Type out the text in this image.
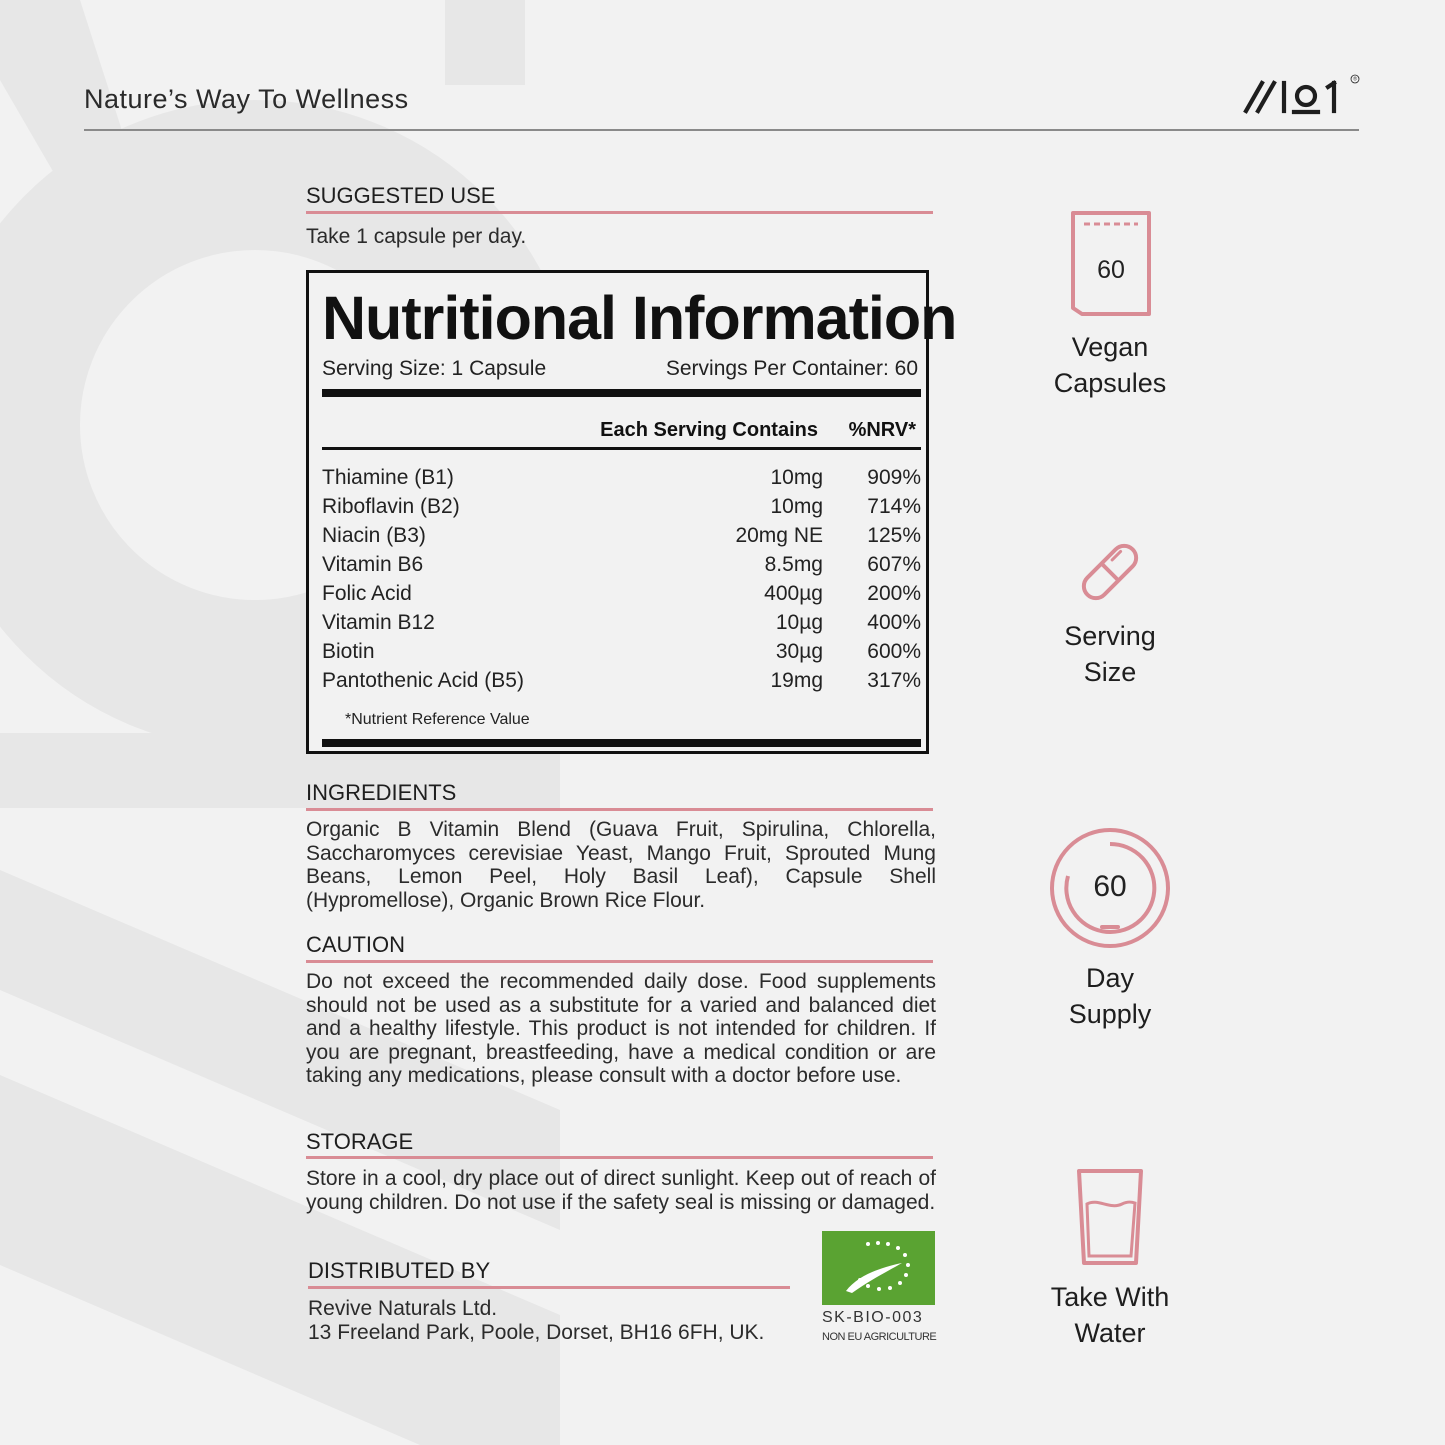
Nature’s Way To Wellness
®
SUGGESTED USE
Take 1 capsule per day.
Nutritional Information
Serving Size: 1 Capsule	Servings Per Container: 60
Each Serving Contains %NRV*
Thiamine (B1)	10mg 909%
Riboflavin (B2)	10mg 714%
Niacin (B3)	20mg NE 125%
Vitamin B6	8.5mg 607%
Folic Acid	400µg 200%
Vitamin B12	10µg 400%
Biotin	30µg 600%
Pantothenic Acid (B5)	19mg 317%
*Nutrient Reference Value
INGREDIENTS
Organic B Vitamin Blend (Guava Fruit, Spirulina, Chlorella, Saccharomyces cerevisiae Yeast, Mango Fruit, Sprouted Mung Beans, Lemon Peel, Holy Basil Leaf), Capsule Shell (Hypromellose), Organic Brown Rice Flour.
CAUTION
Do not exceed the recommended daily dose. Food supplements should not be used as a substitute for a varied and balanced diet and a healthy lifestyle. This product is not intended for children. If you are pregnant, breastfeeding, have a medical condition or are taking any medications, please consult with a doctor before use.
STORAGE
Store in a cool, dry place out of direct sunlight. Keep out of reach of young children. Do not use if the safety seal is missing or damaged.
DISTRIBUTED BY
Revive Naturals Ltd.
13 Freeland Park, Poole, Dorset, BH16 6FH, UK.
SK-BIO-003
NON EU AGRICULTURE
60
Vegan
Capsules
Serving
Size
60
Day
Supply
Take With
Water
